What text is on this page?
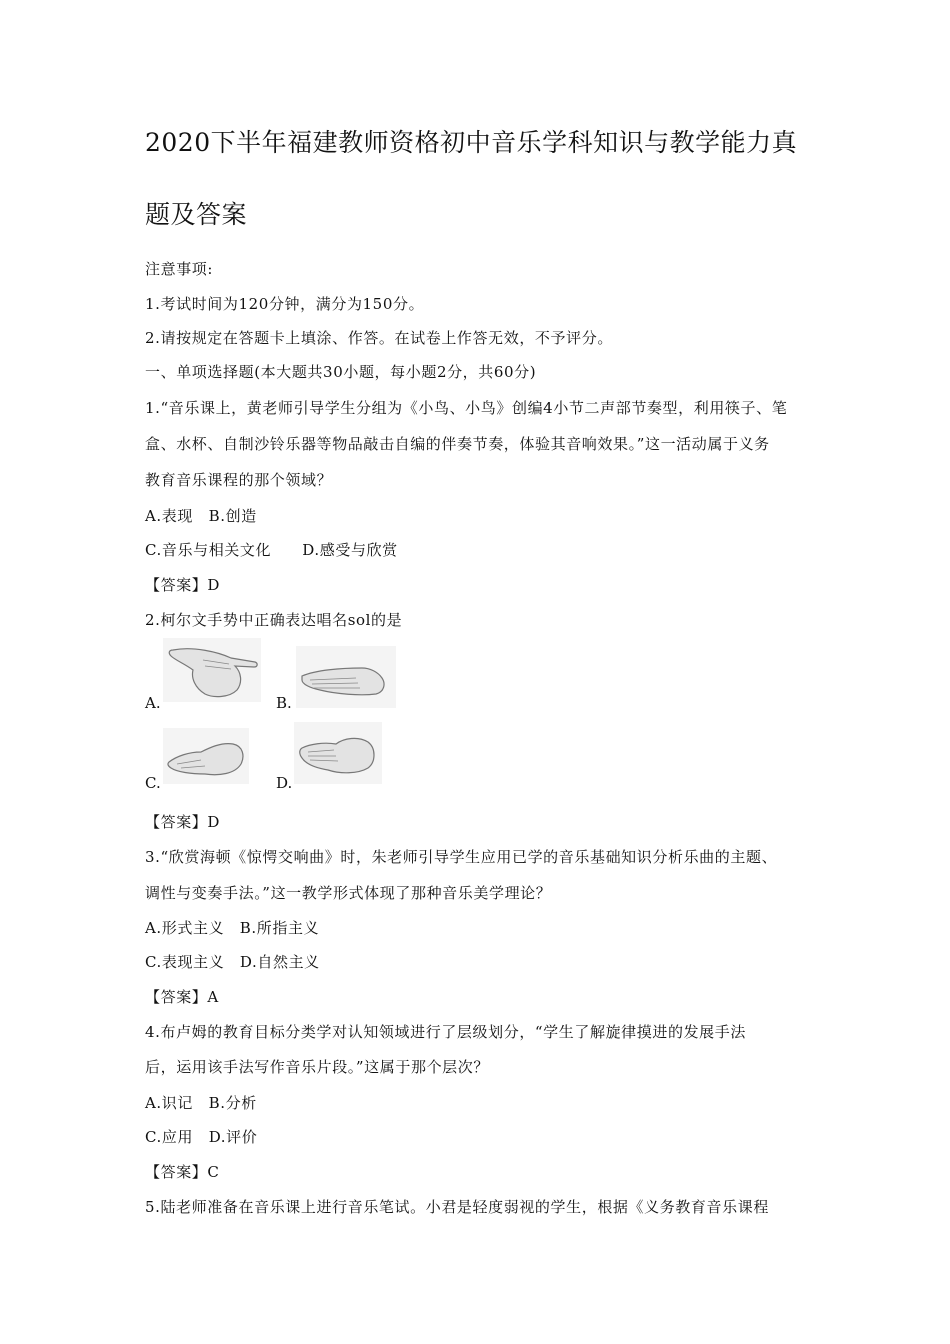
2020下半年福建教师资格初中音乐学科知识与教学能力真
题及答案
注意事项:
1.考试时间为120分钟，满分为150分。
2.请按规定在答题卡上填涂、作答。在试卷上作答无效，不予评分。
一、单项选择题(本大题共30小题，每小题2分，共60分)
1.“音乐课上，黄老师引导学生分组为《小鸟、小鸟》创编4小节二声部节奏型，利用筷子、笔
盒、水杯、自制沙铃乐器等物品敲击自编的伴奏节奏，体验其音响效果。”这一活动属于义务
教育音乐课程的那个领域？
A.表现　B.创造
C.音乐与相关文化　　D.感受与欣赏
【答案】D
2.柯尔文手势中正确表达唱名sol的是
A.	B.
C.	D.
【答案】D
3.“欣赏海顿《惊愕交响曲》时，朱老师引导学生应用已学的音乐基础知识分析乐曲的主题、
调性与变奏手法。”这一教学形式体现了那种音乐美学理论？
A.形式主义　B.所指主义
C.表现主义　D.自然主义
【答案】A
4.布卢姆的教育目标分类学对认知领域进行了层级划分，“学生了解旋律摸进的发展手法
后，运用该手法写作音乐片段。”这属于那个层次？
A.识记　B.分析
C.应用　D.评价
【答案】C
5.陆老师准备在音乐课上进行音乐笔试。小君是轻度弱视的学生，根据《义务教育音乐课程
